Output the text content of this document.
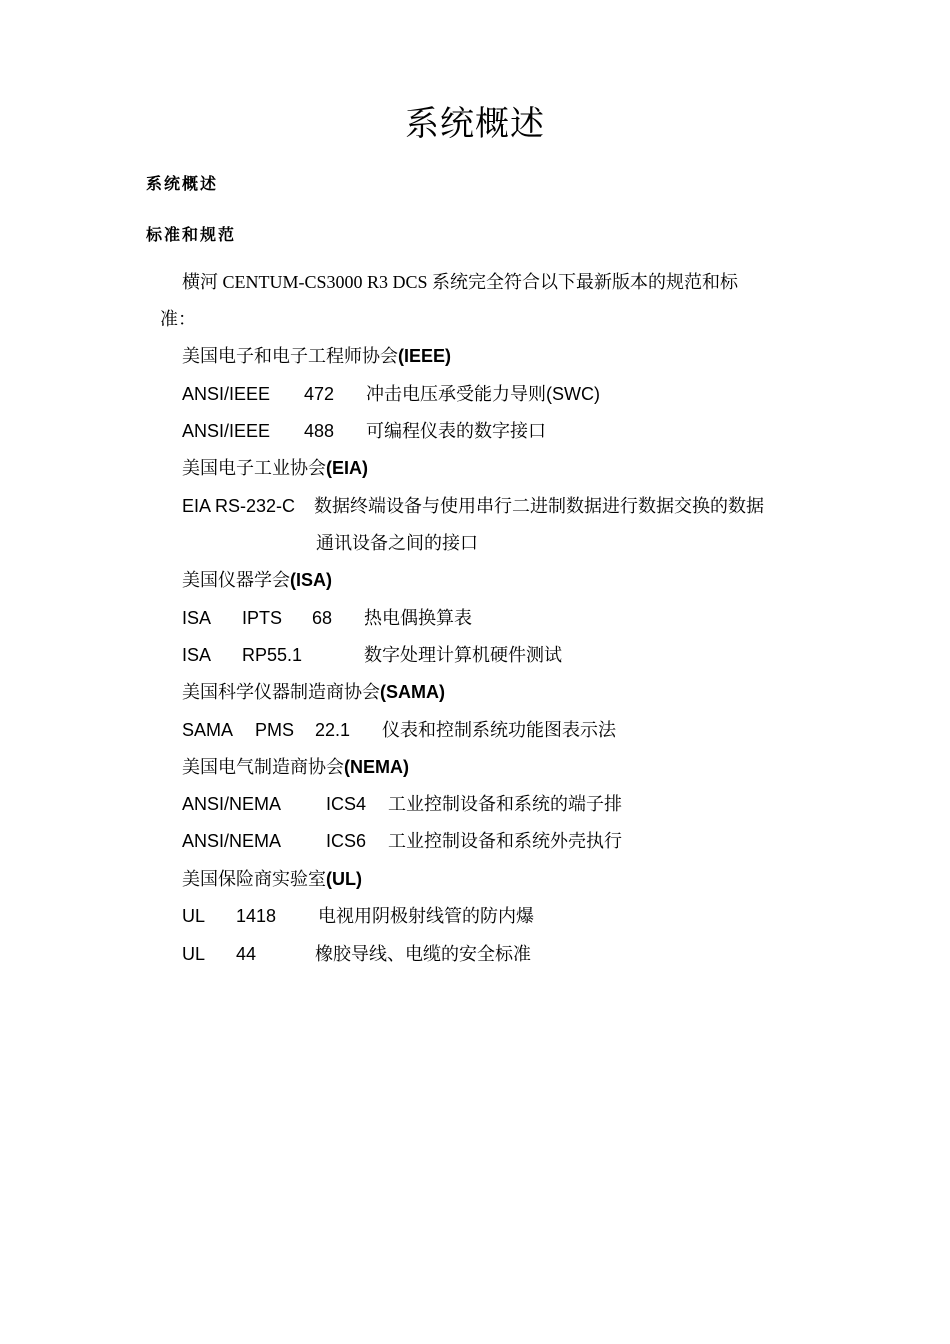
系统概述
系统概述
标准和规范
横河 CENTUM-CS3000 R3 DCS 系统完全符合以下最新版本的规范和标
准：
美国电子和电子工程师协会(IEEE)
ANSI/IEEE 472 冲击电压承受能力导则(SWC)
ANSI/IEEE 488 可编程仪表的数字接口
美国电子工业协会(EIA)
EIA RS-232-C 数据终端设备与使用串行二进制数据进行数据交换的数据
通讯设备之间的接口
美国仪器学会(ISA)
ISA IPTS 68 热电偶换算表
ISA RP55.1	数字处理计算机硬件测试
美国科学仪器制造商协会(SAMA)
SAMA PMS 22.1 仪表和控制系统功能图表示法
美国电气制造商协会(NEMA)
ANSI/NEMA ICS4 工业控制设备和系统的端子排
ANSI/NEMA ICS6 工业控制设备和系统外壳执行
美国保险商实验室(UL)
UL 1418 电视用阴极射线管的防内爆
UL 44	橡胶导线、电缆的安全标准
